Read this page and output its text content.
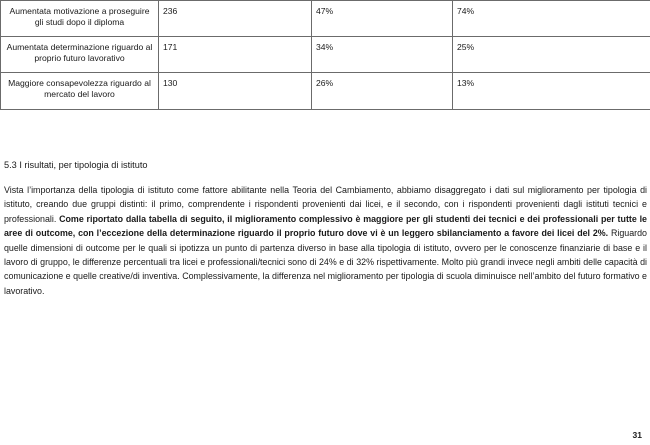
Aumentata motivazione a proseguire gli studi dopo il diploma	236	47%	74%
Aumentata determinazione riguardo al proprio futuro lavorativo	171	34%	25%
Maggiore consapevolezza riguardo al mercato del lavoro	130	26%	13%
5.3 I risultati, per tipologia di istituto

Vista l’importanza della tipologia di istituto come fattore abilitante nella Teoria del Cambiamento, abbiamo disaggregato i dati sul miglioramento per tipologia di istituto, creando due gruppi distinti: il primo, comprendente i rispondenti provenienti dai licei, e il secondo, con i rispondenti provenienti dagli istituti tecnici e professionali. Come riportato dalla tabella di seguito, il miglioramento complessivo è maggiore per gli studenti dei tecnici e dei professionali per tutte le aree di outcome, con l’eccezione della determinazione riguardo il proprio futuro dove vi è un leggero sbilanciamento a favore dei licei del 2%. Riguardo quelle dimensioni di outcome per le quali si ipotizza un punto di partenza diverso in base alla tipologia di istituto, ovvero per le conoscenze finanziarie di base e il lavoro di gruppo, le differenze percentuali tra licei e professionali/tecnici sono di 24% e di 32% rispettivamente. Molto più grandi invece negli ambiti delle capacità di comunicazione e quelle creative/di inventiva. Complessivamente, la differenza nel miglioramento per tipologia di scuola diminuisce nell’ambito del futuro formativo e lavorativo.

31
